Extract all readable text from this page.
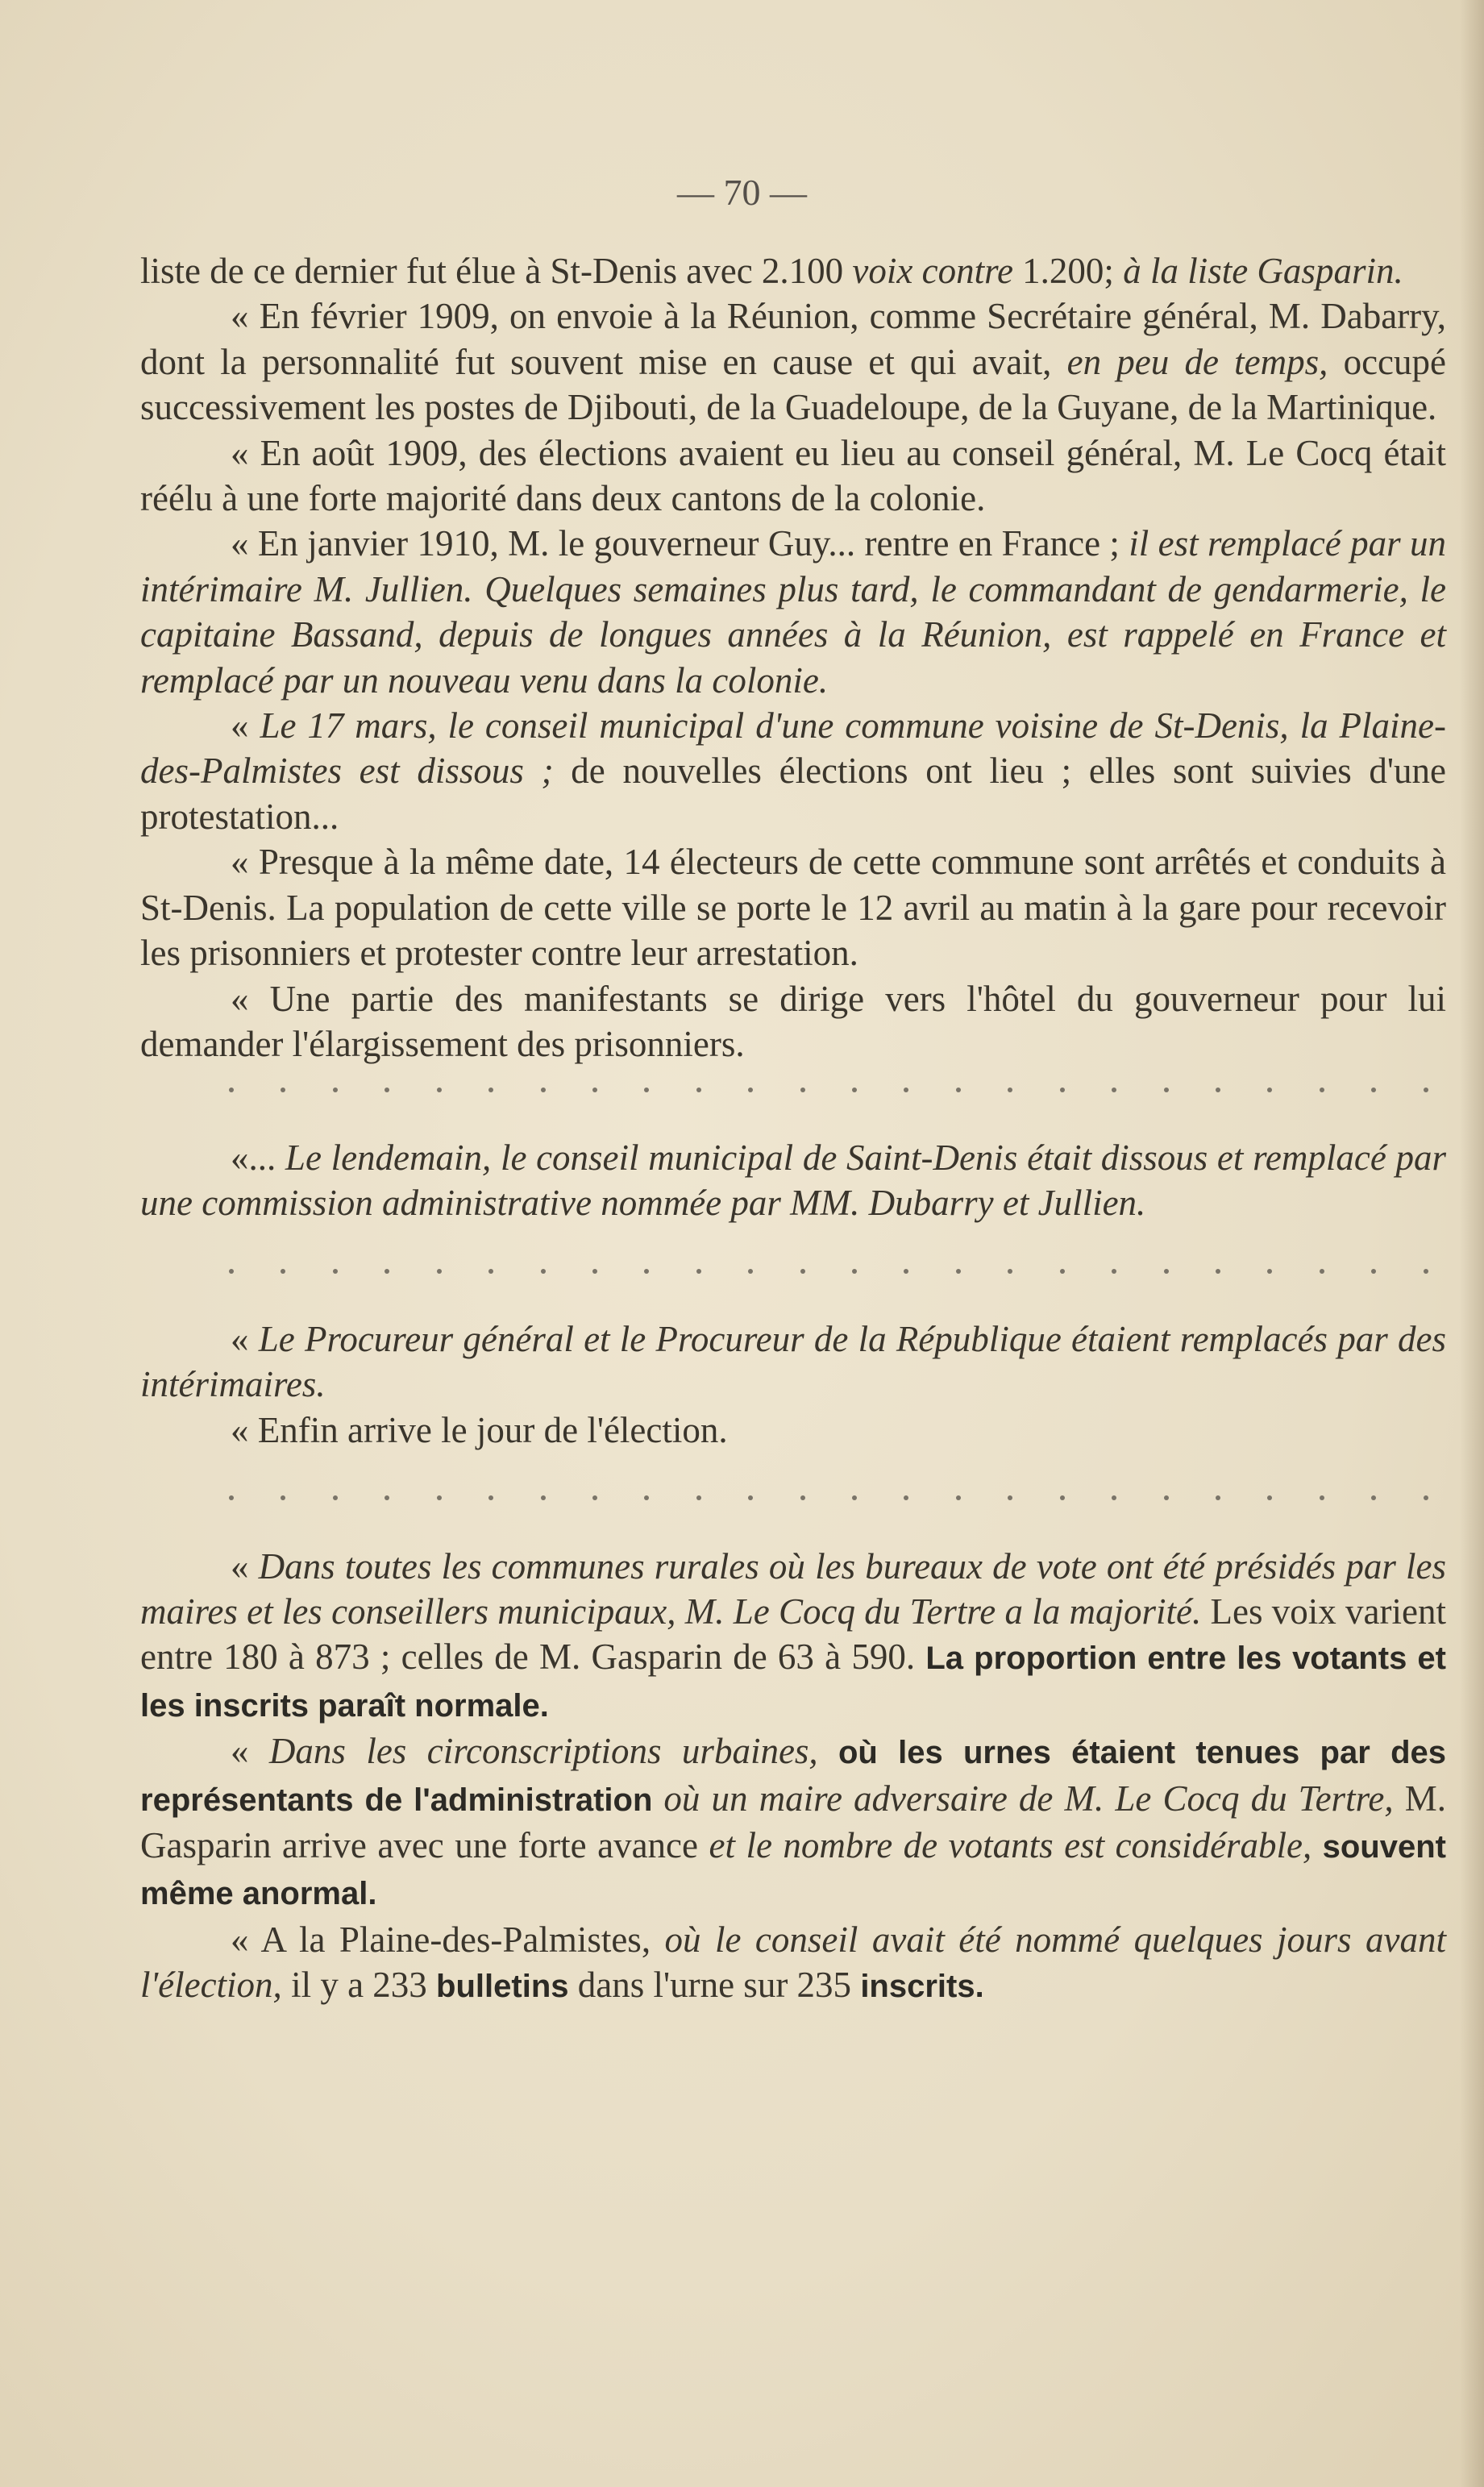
— 70 —

liste de ce dernier fut élue à St-Denis avec 2.100 voix contre 1.200; à la liste Gasparin.

« En février 1909, on envoie à la Réunion, comme Secrétaire général, M. Dabarry, dont la personnalité fut souvent mise en cause et qui avait, en peu de temps, occupé successivement les postes de Djibouti, de la Guadeloupe, de la Guyane, de la Martinique.

« En août 1909, des élections avaient eu lieu au conseil général, M. Le Cocq était réélu à une forte majorité dans deux cantons de la colonie.

« En janvier 1910, M. le gouverneur Guy... rentre en France ; il est remplacé par un intérimaire M. Jullien. Quelques semaines plus tard, le commandant de gendarmerie, le capitaine Bassand, depuis de longues années à la Réunion, est rappelé en France et remplacé par un nouveau venu dans la colonie.

« Le 17 mars, le conseil municipal d'une commune voisine de St-Denis, la Plaine-des-Palmistes est dissous ; de nouvelles élections ont lieu ; elles sont suivies d'une protestation...

« Presque à la même date, 14 électeurs de cette commune sont arrêtés et conduits à St-Denis. La population de cette ville se porte le 12 avril au matin à la gare pour recevoir les prisonniers et protester contre leur arrestation.

« Une partie des manifestants se dirige vers l'hôtel du gouverneur pour lui demander l'élargissement des prisonniers.

«... Le lendemain, le conseil municipal de Saint-Denis était dissous et remplacé par une commission administrative nommée par MM. Dubarry et Jullien.

« Le Procureur général et le Procureur de la République étaient remplacés par des intérimaires.

« Enfin arrive le jour de l'élection.

« Dans toutes les communes rurales où les bureaux de vote ont été présidés par les maires et les conseillers municipaux, M. Le Cocq du Tertre a la majorité. Les voix varient entre 180 à 873 ; celles de M. Gasparin de 63 à 590. La proportion entre les votants et les inscrits paraît normale.

« Dans les circonscriptions urbaines, où les urnes étaient tenues par des représentants de l'administration où un maire adversaire de M. Le Cocq du Tertre, M. Gasparin arrive avec une forte avance et le nombre de votants est considérable, souvent même anormal.

« A la Plaine-des-Palmistes, où le conseil avait été nommé quelques jours avant l'élection, il y a 233 bulletins dans l'urne sur 235 inscrits.
